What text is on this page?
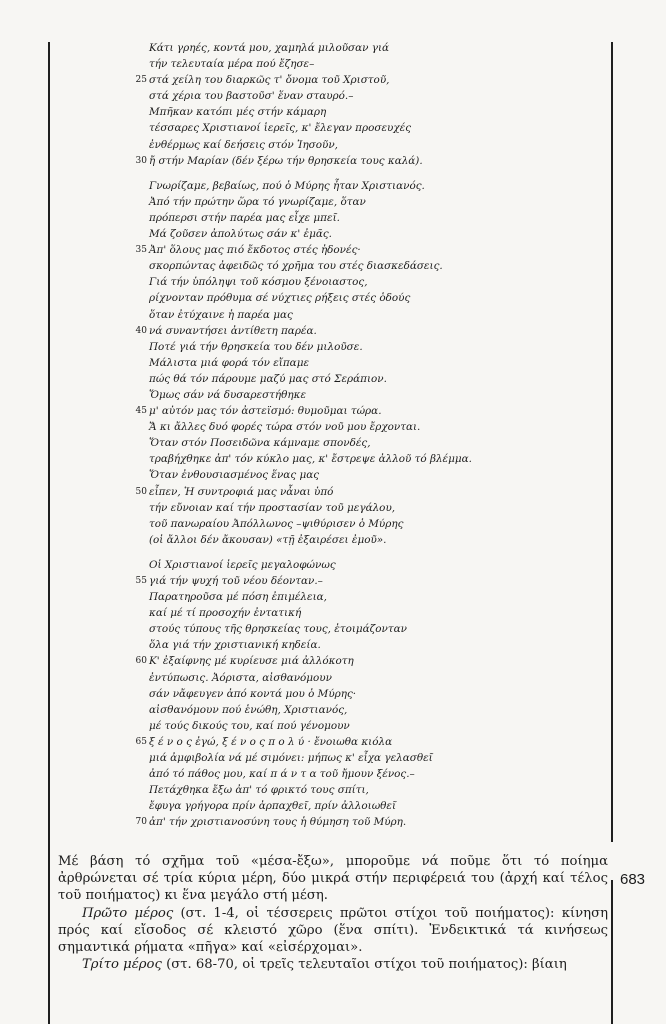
Κάτι γρηές, κοντά μου, χαμηλά μιλοῦσαν γιά
τήν τελευταία μέρα πού ἔζησε–
25 στά χείλη του διαρκῶς τ' ὄνομα τοῦ Χριστοῦ,
στά χέρια του βαστοῦσ' ἕναν σταυρό.–
Μπῆκαν κατόπι μές στήν κάμαρη
τέσσαρες Χριστιανοί ἱερεῖς, κ' ἔλεγαν προσευχές
ἐνθέρμως καί δεήσεις στόν Ἰησοῦν,
30 ἤ στήν Μαρίαν (δέν ξέρω τήν θρησκεία τους καλά).
Γνωρίζαμε, βεβαίως, πού ὁ Μύρης ἦταν Χριστιανός.
Ἀπό τήν πρώτην ὥρα τό γνωρίζαμε, ὅταν
πρόπερσι στήν παρέα μας εἶχε μπεῖ.
Μά ζοῦσεν ἀπολύτως σάν κ' ἐμᾶς.
35 Ἀπ' ὅλους μας πιό ἔκδοτος στές ἡδονές·
σκορπώντας ἀφειδῶς τό χρῆμα του στές διασκεδάσεις.
Γιά τήν ὑπόληψι τοῦ κόσμου ξένοιαστος,
ρίχνονταν πρόθυμα σέ νύχτιες ρήξεις στές ὁδούς
ὅταν ἐτύχαινε ἡ παρέα μας
40 νά συναντήσει ἀντίθετη παρέα.
Ποτέ γιά τήν θρησκεία του δέν μιλοῦσε.
Μάλιστα μιά φορά τόν εἴπαμε
πώς θά τόν πάρουμε μαζύ μας στό Σεράπιον.
Ὅμως σάν νά δυσαρεστήθηκε
45 μ' αὐτόν μας τόν ἀστεϊσμό: θυμοῦμαι τώρα.
Ἄ κι ἄλλες δυό φορές τώρα στόν νοῦ μου ἔρχονται.
Ὅταν στόν Ποσειδῶνα κάμναμε σπονδές,
τραβήχθηκε ἀπ' τόν κύκλο μας, κ' ἔστρεψε ἀλλοῦ τό βλέμμα.
Ὅταν ἐνθουσιασμένος ἕνας μας
50 εἶπεν, Ἡ συντροφιά μας νἆναι ὑπό
τήν εὔνοιαν καί τήν προστασίαν τοῦ μεγάλου,
τοῦ πανωραίου Ἀπόλλωνος –ψιθύρισεν ὁ Μύρης
(οἱ ἄλλοι δέν ἄκουσαν) «τῇ ἐξαιρέσει ἐμοῦ».
Οἱ Χριστιανοί ἱερεῖς μεγαλοφώνως
55 γιά τήν ψυχή τοῦ νέου δέονταν.–
Παρατηροῦσα μέ πόση ἐπιμέλεια,
καί μέ τί προσοχήν ἐντατική
στούς τύπους τῆς θρησκείας τους, ἑτοιμάζονταν
ὅλα γιά τήν χριστιανική κηδεία.
60 Κ' ἐξαίφνης μέ κυρίευσε μιά ἀλλόκοτη
ἐντύπωσις. Ἀόριστα, αἰσθανόμουν
σάν νἄφευγεν ἀπό κοντά μου ὁ Μύρης·
αἰσθανόμουν πού ἑνώθη, Χριστιανός,
μέ τούς δικούς του, καί πού γένομουν
65 ξ έ ν ο ς ἐγώ, ξ έ ν ο ς π ο λ ύ · ἔνοιωθα κιόλα
μιά ἀμφιβολία νά μέ σιμόνει: μήπως κ' εἶχα γελασθεῖ
ἀπό τό πάθος μου, καί π ά ν τ α τοῦ ἤμουν ξένος.–
Πετάχθηκα ἔξω ἀπ' τό φρικτό τους σπίτι,
ἔφυγα γρήγορα πρίν ἁρπαχθεῖ, πρίν ἀλλοιωθεῖ
70 ἀπ' τήν χριστιανοσύνη τους ἡ θύμηση τοῦ Μύρη.

Μέ βάση τό σχῆμα τοῦ «μέσα-ἔξω», μποροῦμε νά ποῦμε ὅτι τό ποίημα ἀρθρώνεται σέ τρία κύρια μέρη, δύο μικρά στήν περιφέρειά του (ἀρχή καί τέλος τοῦ ποιήματος) κι ἕνα μεγάλο στή μέση.

Πρῶτο μέρος (στ. 1-4, οἱ τέσσερεις πρῶτοι στίχοι τοῦ ποιήματος): κίνηση πρός καί εἴσοδος σέ κλειστό χῶρο (ἕνα σπίτι). Ἐνδεικτικά τά κινήσεως σημαντικά ρήματα «πῆγα» καί «εἰσέρχομαι».

Τρίτο μέρος (στ. 68-70, οἱ τρεῖς τελευταῖοι στίχοι τοῦ ποιήματος): βίαιη

683
